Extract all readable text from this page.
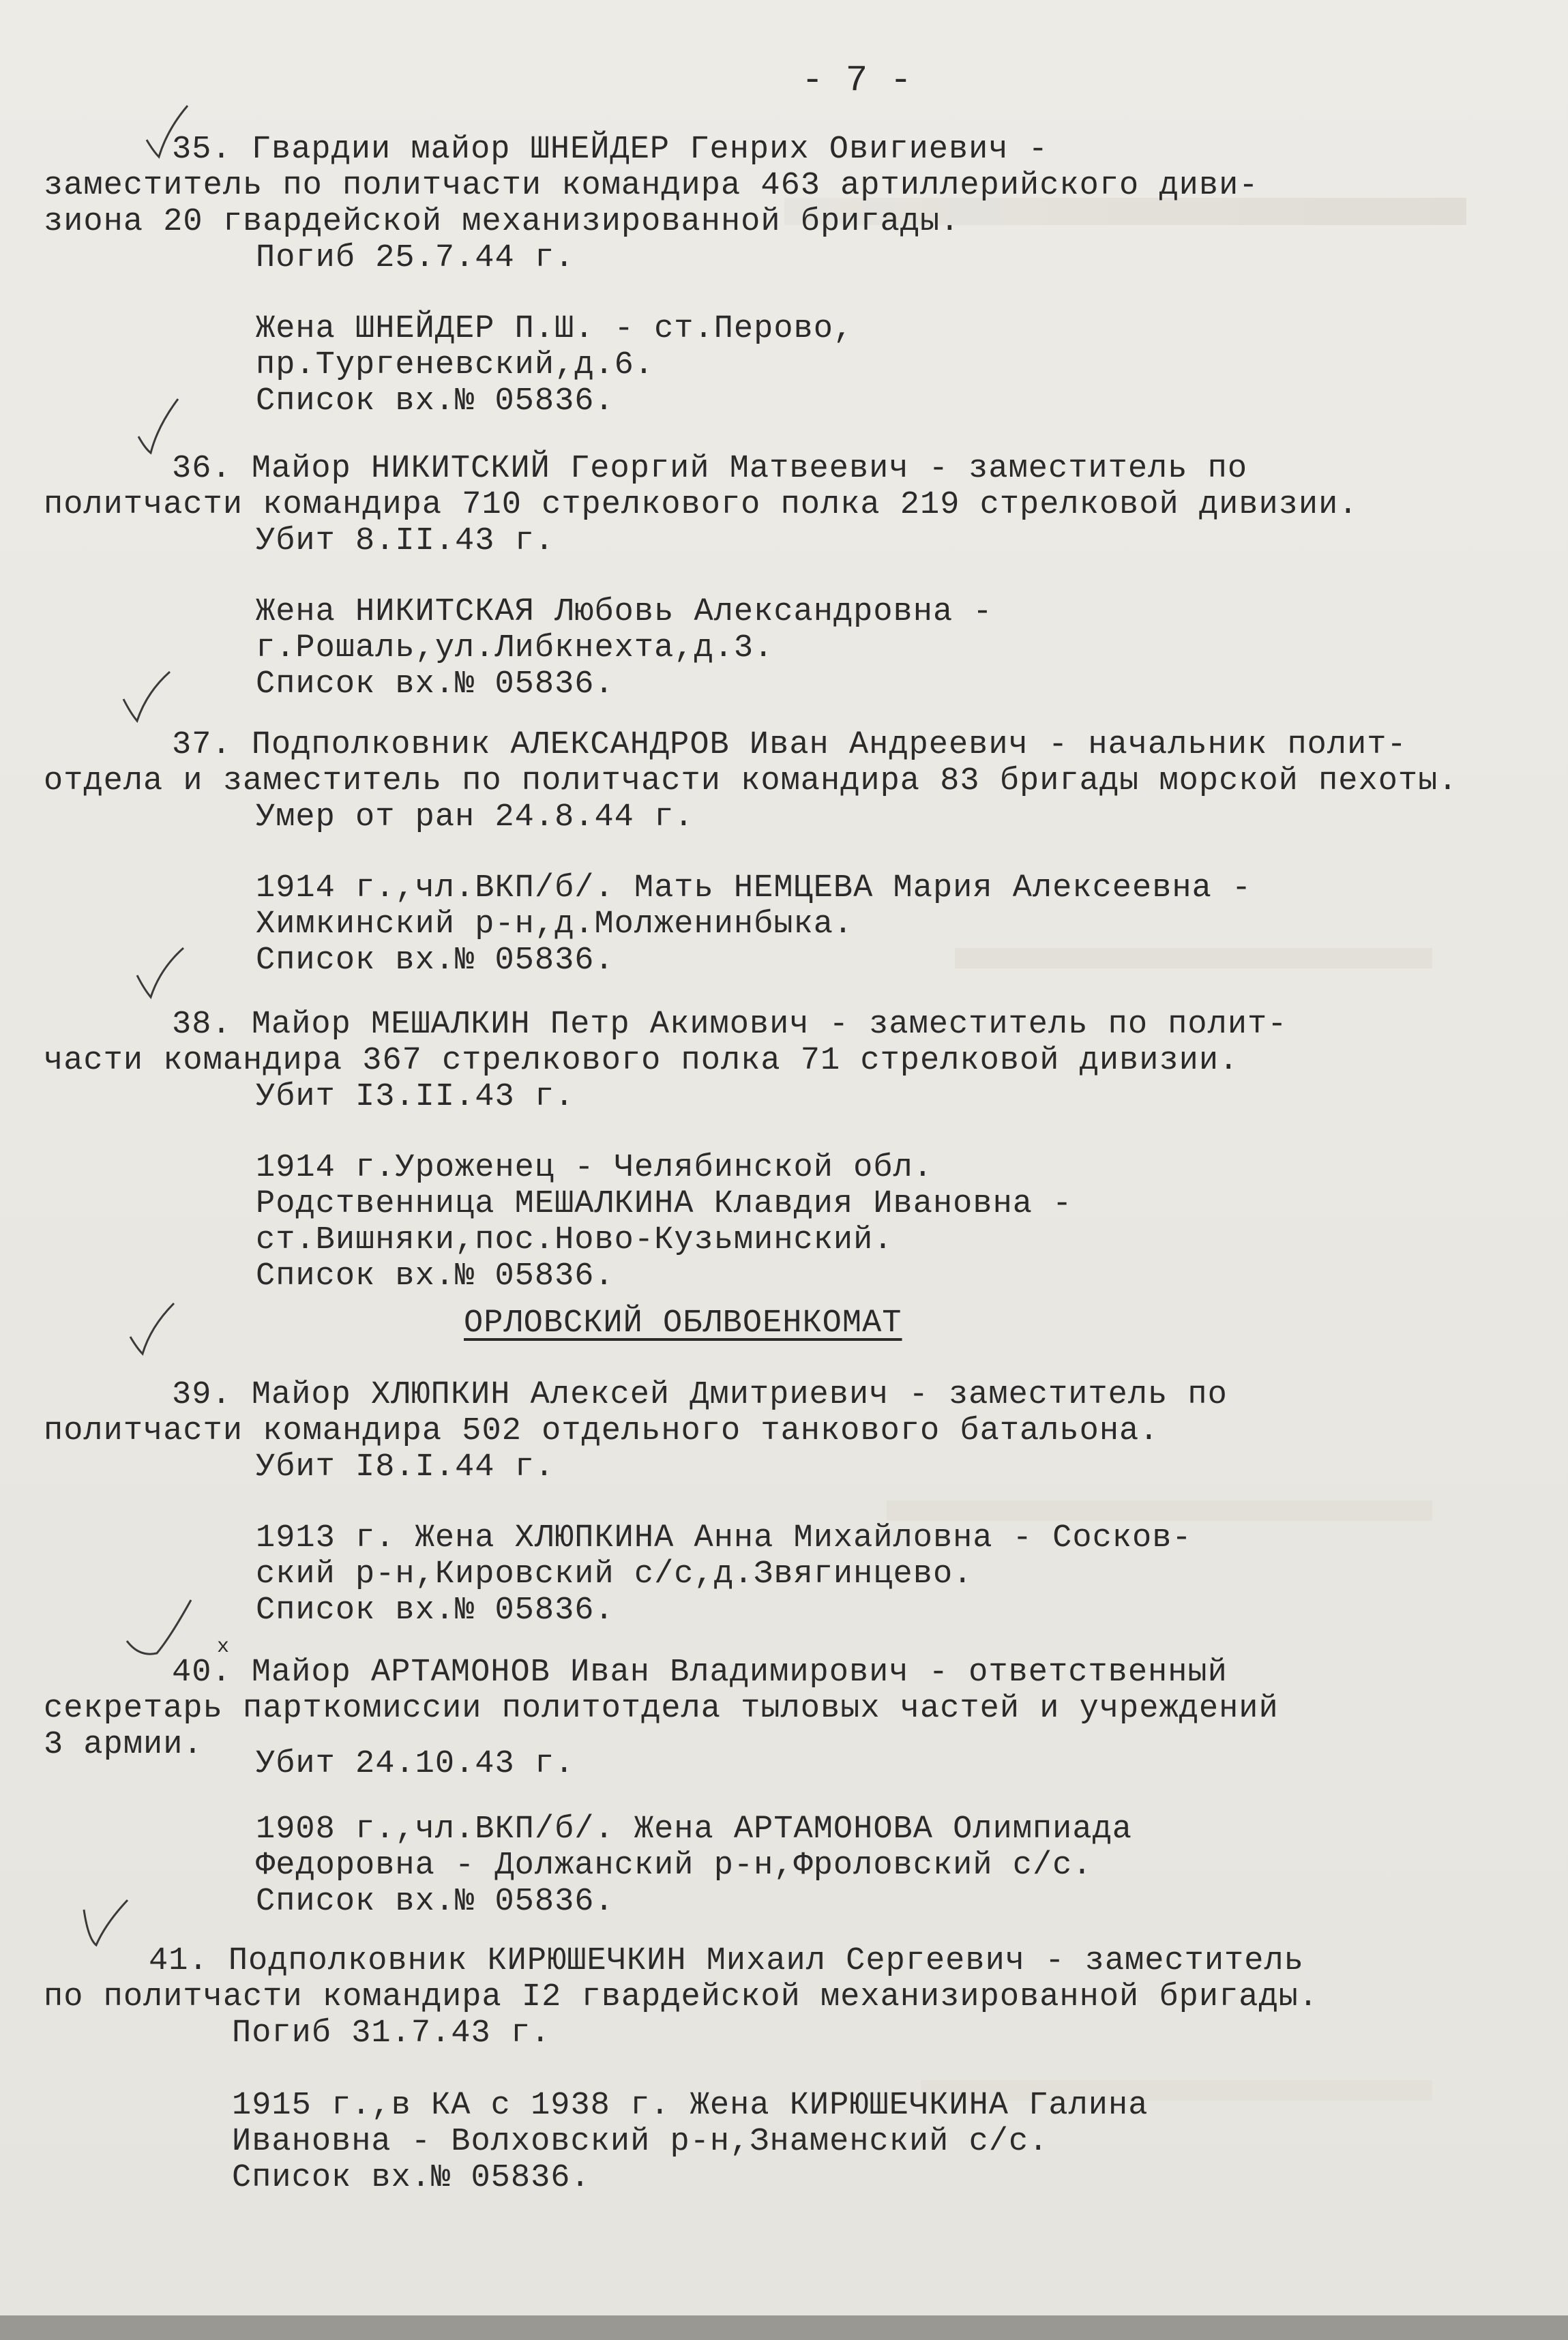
- 7 -
35. Гвардии майор ШНЕЙДЕР Генрих Овигиевич -
заместитель по политчасти командира 463 артиллерийского диви-
зиона 20 гвардейской механизированной бригады.
Погиб 25.7.44 г.
Жена ШНЕЙДЕР П.Ш. - ст.Перово,
пр.Тургеневский,д.6.
Список вх.№ 05836.
36. Майор НИКИТСКИЙ Георгий Матвеевич - заместитель по
политчасти командира 710 стрелкового полка 219 стрелковой дивизии.
Убит 8.II.43 г.
Жена НИКИТСКАЯ Любовь Александровна -
г.Рошаль,ул.Либкнехта,д.3.
Список вх.№ 05836.
37. Подполковник АЛЕКСАНДРОВ Иван Андреевич - начальник полит-
отдела и заместитель по политчасти командира 83 бригады морской пехоты.
Умер от ран 24.8.44 г.
1914 г.,чл.ВКП/б/. Мать НЕМЦЕВА Мария Алексеевна -
Химкинский р-н,д.Молженинбыка.
Список вх.№ 05836.
38. Майор МЕШАЛКИН Петр Акимович - заместитель по полит-
части командира 367 стрелкового полка 71 стрелковой дивизии.
Убит I3.II.43 г.
1914 г.Уроженец - Челябинской обл.
Родственница МЕШАЛКИНА Клавдия Ивановна -
ст.Вишняки,пос.Ново-Кузьминский.
Список вх.№ 05836.
ОРЛОВСКИЙ ОБЛВОЕНКОМАТ
39. Майор ХЛЮПКИН Алексей Дмитриевич - заместитель по
политчасти командира 502 отдельного танкового батальона.
Убит I8.I.44 г.
1913 г. Жена ХЛЮПКИНА Анна Михайловна - Сосков-
ский р-н,Кировский с/с,д.Звягинцево.
Список вх.№ 05836.
х
40. Майор АРТАМОНОВ Иван Владимирович - ответственный
секретарь парткомиссии политотдела тыловых частей и учреждений
3 армии.
Убит 24.10.43 г.
1908 г.,чл.ВКП/б/. Жена АРТАМОНОВА Олимпиада
Федоровна - Должанский р-н,Фроловский с/с.
Список вх.№ 05836.
41. Подполковник КИРЮШЕЧКИН Михаил Сергеевич - заместитель
по политчасти командира I2 гвардейской механизированной бригады.
Погиб 31.7.43 г.
1915 г.,в КА с 1938 г. Жена КИРЮШЕЧКИНА Галина
Ивановна - Волховский р-н,Знаменский с/с.
Список вх.№ 05836.
